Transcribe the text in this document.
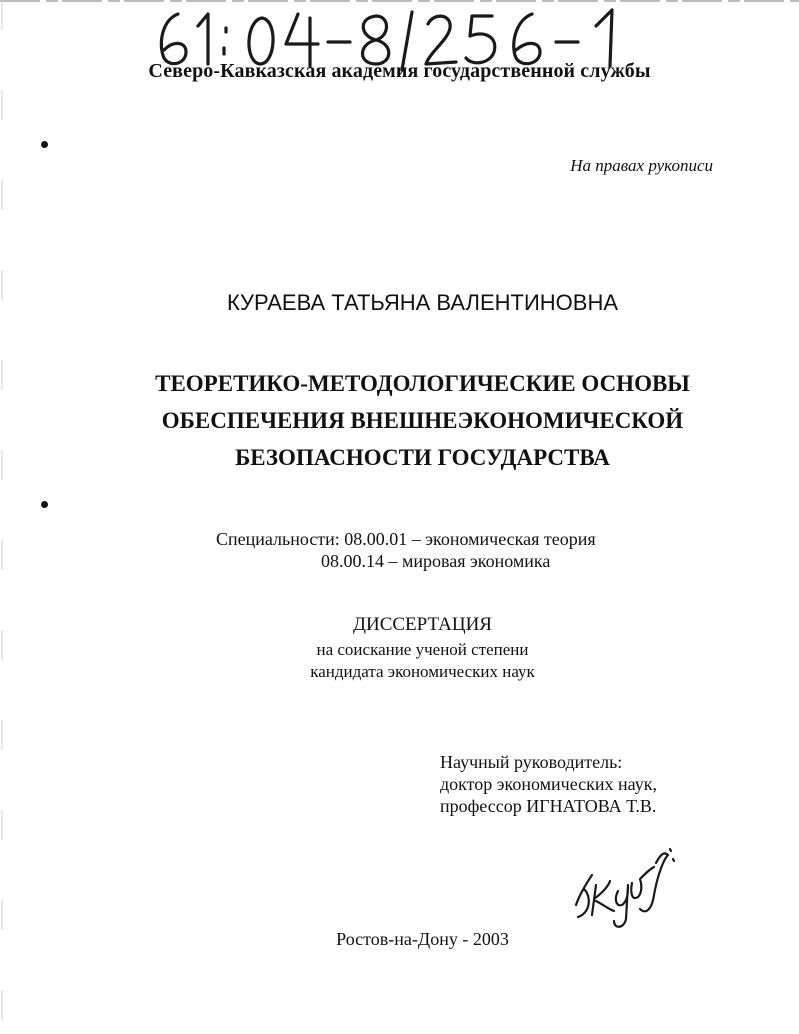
Северо-Кавказская академия государственной службы
На правах рукописи
КУРАЕВА ТАТЬЯНА ВАЛЕНТИНОВНА
ТЕОРЕТИКО-МЕТОДОЛОГИЧЕСКИЕ ОСНОВЫ
ОБЕСПЕЧЕНИЯ ВНЕШНЕЭКОНОМИЧЕСКОЙ
БЕЗОПАСНОСТИ ГОСУДАРСТВА
Специальности: 08.00.01 – экономическая теория
08.00.14 – мировая экономика
ДИССЕРТАЦИЯ
на соискание ученой степени
кандидата экономических наук
Научный руководитель:
доктор экономических наук,
профессор ИГНАТОВА Т.В.
Ростов-на-Дону - 2003
